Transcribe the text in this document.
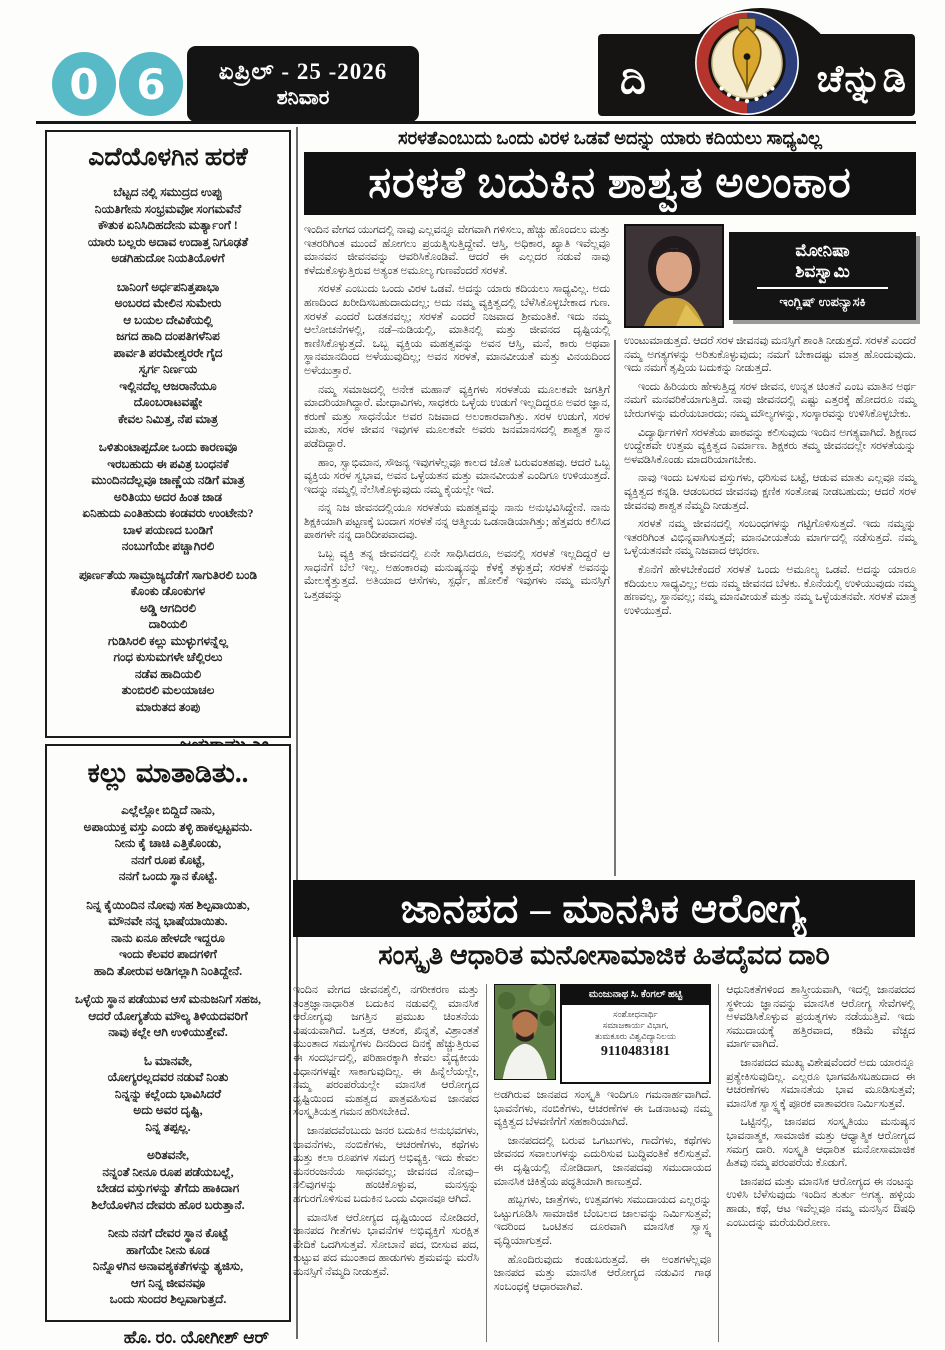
0 6	ಏಪ್ರಿಲ್ - 25 -2026
ಶನಿವಾರ	ದಿ	ಚೆನ್ನುಡಿ
ಎದೆಯೊಳಗಿನ ಹರಕೆ
ಬೆಟ್ಟದ ನಲ್ಲಿ ಸಮುದ್ರದ ಉಪ್ಪು
ನಿಯತಿಗೇನು ಸಂಭ್ರಮವೋ ಸಂಗಮವೆನೆ
ಕೌತುಕ ಏನಿಸಿದಿಹದೇನು ಮರ್ತ್ಯಾಂಗೆ !
ಯಾರು ಬಲ್ಲರು ಅದಾವ ಉದಾತ್ತ ನಿಗೂಢತೆ
ಅಡಗಿಹುದೋ ನಿಯತಿಯೊಳಗೆ
ಬಾನಿಂಗೆ ಅರ್ಧಪನಿತ್ತಪಾಭಾ
ಅಂಬರದ ಮೇಲಿನ ಸುಮೇರು
ಆ ಬಯಲ ದೇವಿಕೆಯಲ್ಲಿ
ಜಗದ ಹಾದಿ ದಂಪತಿಗಳೆನಿಪ
ಪಾರ್ವತಿ ಪರಮೇಶ್ವರರೇ ಗೈದ
ಸ್ವರ್ಗ ನಿರ್ಣಯ
ಇಲ್ಲಿನದೆಲ್ಲ ಆಜರಾನೆಯೂ
ದೊಂಬರಾಟವಷ್ಟೇ
ಕೇವಲ ನಿಮಿತ್ತ, ನೆಪ ಮಾತ್ರ
ಒಳಿತುಂಟಾಪ್ಪದೋ ಒಂದು ಕಾರಣವೂ
ಇರಬಹುದು ಈ ಪವಿತ್ರ ಬಂಧನಕೆ
ಮುಂದಿನದೆಲ್ಲವೂ ಜಾಣ್ಣೆಯ ನಡಿಗೆ ಮಾತ್ರ
ಅರಿತಿಯು ಅದರ ಹಿಂತ ಜಾಡ
ಏನಿಹುದು ಎಂತಿಹುದು ಕಂಡವರು ಉಂಟೇನು?
ಬಾಳ ಪಯಣದ ಬಂಡಿಗೆ
ನಂಬುಗೆಯೇ ಪಚ್ಚಾಗಿರಲಿ
ಪೂರ್ಣತೆಯ ಸಾಮ್ರಾಜ್ಯದೆಡೆಗೆ ಸಾಗುತಿರಲಿ ಬಂಡಿ
ಕೊಂಕು ಡೊಂಕುಗಳ
ಅಡ್ಡಿ ಆಗದಿರಲಿ
ದಾರಿಯಲಿ
ಗುಡಿಸಿರಲಿ ಕಲ್ಲು ಮುಳ್ಳುಗಳನ್ನೆಲ್ಲ
ಗಂಧ ಕುಸುಮಗಳೇ ಚೆಲ್ಲಿರಲು
ನಡೆವ ಹಾದಿಯಲಿ
ತುಂಬಿರಲಿ ಮಲಯಾಚಲ
ಮಾರುತದ ತಂಪು
ಕಲ್ಲು ಮಾತಾಡಿತು..
ಎಲ್ಲೆಲ್ಲೋ ಬಿದ್ದಿದೆ ನಾನು,
ಅಪಾಯುಕ್ತ ವಸ್ತು ಎಂದು ತಳ್ಳಿ ಹಾಕಲ್ಪಟ್ಟವನು.
ನೀನು ಕೈ ಚಾಚಿ ಎತ್ತಿಕೊಂಡು,
ನನಗೆ ರೂಪ ಕೊಟ್ಟೆ,
ನನಗೆ ಒಂದು ಸ್ಥಾನ ಕೊಟ್ಟೆ.
ನಿನ್ನ ಕೈಯಿಂದಿನ ನೋವು ಸಹ ಶಿಲ್ಪವಾಯಿತು,
ಮೌನವೇ ನನ್ನ ಭಾಷೆಯಾಯಿತು.
ನಾನು ಏನೂ ಹೇಳದೇ ಇದ್ದರೂ
ಇಂದು ಕೆಲವರ ಪಾದಗಳಿಗೆ
ಹಾದಿ ತೋರುವ ಅಡಿಗಲ್ಲಾಗಿ ನಿಂತಿದ್ದೇನೆ.
ಒಳ್ಳೆಯ ಸ್ಥಾನ ಪಡೆಯುವ ಆಸೆ ಮನುಜನಿಗೆ ಸಹಜ,
ಆದರೆ ಯೋಗ್ಯತೆಯ ಮೌಲ್ಯ ತಿಳಿಯದವರಿಗೆ
ನಾವು ಕಲ್ಲೇ ಆಗಿ ಉಳಿಯುತ್ತೇವೆ.
ಓ ಮಾನವೇ,
ಯೋಗ್ಯರಲ್ಲದವರ ನಡುವೆ ನಿಂತು
ನಿನ್ನನ್ನು ಕಲ್ಲೆಂದು ಭಾವಿಸಿದರೆ
ಅದು ಅವರ ದೃಷ್ಟಿ,
ನಿನ್ನ ತಪ್ಪಲ್ಲ.
ಅರಿತವನೇ,
ನನ್ನಂತೆ ನೀನೂ ರೂಪ ಪಡೆಯಬಲ್ಲೆ,
ಬೇಡದ ವಸ್ತುಗಳನ್ನು ತೆಗೆದು ಹಾಕಿದಾಗ
ಶಿಲೆಯೊಳಗಿನ ದೇವರು ಹೊರ ಬರುತ್ತಾನೆ.
ನೀನು ನನಗೆ ದೇವರ ಸ್ಥಾನ ಕೊಟ್ಟೆ
ಹಾಗೆಯೇ ನೀನು ಕೂಡ
ನಿನ್ನೊಳಗಿನ ಅನಾವಶ್ಯಕತೆಗಳನ್ನು ತ್ಯಜಿಸು,
ಆಗ ನಿನ್ನ ಜೀವನವೂ
ಒಂದು ಸುಂದರ ಶಿಲ್ಪವಾಗುತ್ತದೆ.
ಹೊ. ರಂ. ಯೋಗೀಶ್ ಆರ್
ಸರಳತೆಎಂಬುದು ಒಂದು ವಿರಳ ಒಡವೆ ಅದನ್ನು ಯಾರು ಕದಿಯಲು ಸಾಧ್ಯವಿಲ್ಲ
ಸರಳತೆ ಬದುಕಿನ ಶಾಶ್ವತ ಅಲಂಕಾರ

ಇಂದಿನ ವೇಗದ ಯುಗದಲ್ಲಿ ನಾವು ಎಲ್ಲವನ್ನೂ ವೇಗವಾಗಿ ಗಳಿಸಲು, ಹೆಚ್ಚು ಹೊಂದಲು ಮತ್ತು ಇತರರಿಗಿಂತ ಮುಂದೆ ಹೋಗಲು ಪ್ರಯತ್ನಿಸುತ್ತಿದ್ದೇವೆ. ಆಸ್ತಿ, ಅಧಿಕಾರ, ಖ್ಯಾತಿ ಇವೆಲ್ಲವೂ ಮಾನವನ ಜೀವನವನ್ನು ಆವರಿಸಿಕೊಂಡಿವೆ. ಆದರೆ ಈ ಎಲ್ಲದರ ನಡುವೆ ನಾವು ಕಳೆದುಕೊಳ್ಳುತ್ತಿರುವ ಅತ್ಯಂತ ಅಮೂಲ್ಯ ಗುಣವೆಂದರೆ ಸರಳತೆ.

ಸರಳತೆ ಎಂಬುದು ಒಂದು ವಿರಳ ಒಡವೆ. ಅದನ್ನು ಯಾರು ಕದಿಯಲು ಸಾಧ್ಯವಿಲ್ಲ. ಅದು ಹಣದಿಂದ ಖರೀದಿಸಬಹುದಾದುದಲ್ಲ; ಅದು ನಮ್ಮ ವ್ಯಕ್ತಿತ್ವದಲ್ಲಿ ಬೆಳೆಸಿಕೊಳ್ಳಬೇಕಾದ ಗುಣ. ಸರಳತೆ ಎಂದರೆ ಬಡತನವಲ್ಲ; ಸರಳತೆ ಎಂದರೆ ನಿಜವಾದ ಶ್ರೀಮಂತಿಕೆ. ಇದು ನಮ್ಮ ಆಲೋಚನೆಗಳಲ್ಲಿ, ನಡೆ–ನುಡಿಯಲ್ಲಿ, ಮಾತಿನಲ್ಲಿ ಮತ್ತು ಜೀವನದ ದೃಷ್ಟಿಯಲ್ಲಿ ಕಾಣಿಸಿಕೊಳ್ಳುತ್ತದೆ. ಒಬ್ಬ ವ್ಯಕ್ತಿಯ ಮಹತ್ವವನ್ನು ಅವನ ಆಸ್ತಿ, ಮನೆ, ಕಾರು ಅಥವಾ ಸ್ಥಾನಮಾನದಿಂದ ಅಳೆಯುವುದಿಲ್ಲ; ಅವನ ಸರಳತೆ, ಮಾನವೀಯತೆ ಮತ್ತು ವಿನಯದಿಂದ ಅಳೆಯುತ್ತಾರೆ.

ನಮ್ಮ ಸಮಾಜದಲ್ಲಿ ಅನೇಕ ಮಹಾನ್ ವ್ಯಕ್ತಿಗಳು ಸರಳತೆಯ ಮೂಲಕವೇ ಜಗತ್ತಿಗೆ ಮಾದರಿಯಾಗಿದ್ದಾರೆ. ಮೇಧಾವಿಗಳು, ಸಾಧಕರು ಒಳ್ಳೆಯ ಉಡುಗೆ ಇಲ್ಲದಿದ್ದರೂ ಅವರ ಜ್ಞಾನ, ಕರುಣೆ ಮತ್ತು ಸಾಧನೆಯೇ ಅವರ ನಿಜವಾದ ಅಲಂಕಾರವಾಗಿತ್ತು. ಸರಳ ಉಡುಗೆ, ಸರಳ ಮಾತು, ಸರಳ ಜೀವನ ಇವುಗಳ ಮೂಲಕವೇ ಅವರು ಜನಮಾನಸದಲ್ಲಿ ಶಾಶ್ವತ ಸ್ಥಾನ ಪಡೆದಿದ್ದಾರೆ.

ಹಾಂ, ಸ್ವಾಭಿಮಾನ, ಸೌಜನ್ಯ ಇವುಗಳೆಲ್ಲವೂ ಕಾಲದ ಜೊತೆ ಬರುವಂತಹವು. ಆದರೆ ಒಬ್ಬ ವ್ಯಕ್ತಿಯ ಸರಳ ಸ್ವಭಾವ, ಅವನ ಒಳ್ಳೆಯತನ ಮತ್ತು ಮಾನವೀಯತೆ ಎಂದಿಗೂ ಉಳಿಯುತ್ತದೆ. ಇದನ್ನು ನಮ್ಮಲ್ಲಿ ನೆಲೆಸಿಕೊಳ್ಳುವುದು ನಮ್ಮ ಕೈಯಲ್ಲೇ ಇದೆ.

ನನ್ನ ನಿಜ ಜೀವನದಲ್ಲಿಯೂ ಸರಳತೆಯ ಮಹತ್ವವನ್ನು ನಾನು ಅನುಭವಿಸಿದ್ದೇನೆ. ನಾನು ಶಿಕ್ಷಕಿಯಾಗಿ ಪಟ್ಟಣಕ್ಕೆ ಬಂದಾಗ ಸರಳತೆ ನನ್ನ ಆತ್ಮೀಯ ಒಡನಾಡಿಯಾಗಿತ್ತು; ಹೆತ್ತವರು ಕಲಿಸಿದ ಪಾಠಗಳೇ ನನ್ನ ದಾರಿದೀಪವಾದವು.

ಒಬ್ಬ ವ್ಯಕ್ತಿ ತನ್ನ ಜೀವನದಲ್ಲಿ ಏನೇ ಸಾಧಿಸಿದರೂ, ಅವನಲ್ಲಿ ಸರಳತೆ ಇಲ್ಲದಿದ್ದರೆ ಆ ಸಾಧನೆಗೆ ಬೆಲೆ ಇಲ್ಲ. ಅಹಂಕಾರವು ಮನುಷ್ಯನನ್ನು ಕೆಳಕ್ಕೆ ತಳ್ಳುತ್ತದೆ; ಸರಳತೆ ಅವನನ್ನು ಮೇಲಕ್ಕೆತ್ತುತ್ತದೆ. ಅತಿಯಾದ ಆಸೆಗಳು, ಸ್ಪರ್ಧೆ, ಹೋಲಿಕೆ ಇವುಗಳು ನಮ್ಮ ಮನಸ್ಸಿಗೆ ಒತ್ತಡವನ್ನು

ಮೋನಿಷಾ
ಶಿವಸ್ವಾಮಿ
ಇಂಗ್ಲಿಷ್ ಉಪನ್ಯಾಸಕಿ

ಉಂಟುಮಾಡುತ್ತದೆ. ಆದರೆ ಸರಳ ಜೀವನವು ಮನಸ್ಸಿಗೆ ಶಾಂತಿ ನೀಡುತ್ತದೆ. ಸರಳತೆ ಎಂದರೆ ನಮ್ಮ ಅಗತ್ಯಗಳನ್ನು ಅರಿತುಕೊಳ್ಳುವುದು; ನಮಗೆ ಬೇಕಾದಷ್ಟು ಮಾತ್ರ ಹೊಂದುವುದು. ಇದು ನಮಗೆ ತೃಪ್ತಿಯ ಬದುಕನ್ನು ನೀಡುತ್ತದೆ.

ಇಂದು ಹಿರಿಯರು ಹೇಳುತ್ತಿದ್ದ ಸರಳ ಜೀವನ, ಉನ್ನತ ಚಿಂತನೆ ಎಂಬ ಮಾತಿನ ಅರ್ಥ ನಮಗೆ ಮನವರಿಕೆಯಾಗುತ್ತಿದೆ. ನಾವು ಜೀವನದಲ್ಲಿ ಎಷ್ಟು ಎತ್ತರಕ್ಕೆ ಹೋದರೂ ನಮ್ಮ ಬೇರುಗಳನ್ನು ಮರೆಯಬಾರದು; ನಮ್ಮ ಮೌಲ್ಯಗಳನ್ನು, ಸಂಸ್ಕಾರವನ್ನು ಉಳಿಸಿಕೊಳ್ಳಬೇಕು.

ವಿದ್ಯಾರ್ಥಿಗಳಿಗೆ ಸರಳತೆಯ ಪಾಠವನ್ನು ಕಲಿಸುವುದು ಇಂದಿನ ಅಗತ್ಯವಾಗಿದೆ. ಶಿಕ್ಷಣದ ಉದ್ದೇಶವೇ ಉತ್ತಮ ವ್ಯಕ್ತಿತ್ವದ ನಿರ್ಮಾಣ. ಶಿಕ್ಷಕರು ತಮ್ಮ ಜೀವನದಲ್ಲೇ ಸರಳತೆಯನ್ನು ಅಳವಡಿಸಿಕೊಂಡು ಮಾದರಿಯಾಗಬೇಕು.

ನಾವು ಇಂದು ಬಳಸುವ ವಸ್ತುಗಳು, ಧರಿಸುವ ಬಟ್ಟೆ, ಆಡುವ ಮಾತು ಎಲ್ಲವೂ ನಮ್ಮ ವ್ಯಕ್ತಿತ್ವದ ಕನ್ನಡಿ. ಆಡಂಬರದ ಜೀವನವು ಕ್ಷಣಿಕ ಸಂತೋಷ ನೀಡಬಹುದು; ಆದರೆ ಸರಳ ಜೀವನವು ಶಾಶ್ವತ ನೆಮ್ಮದಿ ನೀಡುತ್ತದೆ.

ಸರಳತೆ ನಮ್ಮ ಜೀವನದಲ್ಲಿ ಸಂಬಂಧಗಳನ್ನು ಗಟ್ಟಿಗೊಳಿಸುತ್ತದೆ. ಇದು ನಮ್ಮನ್ನು ಇತರರಿಗಿಂತ ವಿಭಿನ್ನವಾಗಿಸುತ್ತದೆ; ಮಾನವೀಯತೆಯ ಮಾರ್ಗದಲ್ಲಿ ನಡೆಸುತ್ತದೆ. ನಮ್ಮ ಒಳ್ಳೆಯತನವೇ ನಮ್ಮ ನಿಜವಾದ ಆಭರಣ.

ಕೊನೆಗೆ ಹೇಳಬೇಕೆಂದರೆ ಸರಳತೆ ಒಂದು ಅಮೂಲ್ಯ ಒಡವೆ. ಅದನ್ನು ಯಾರೂ ಕದಿಯಲು ಸಾಧ್ಯವಿಲ್ಲ; ಅದು ನಮ್ಮ ಜೀವನದ ಬೆಳಕು. ಕೊನೆಯಲ್ಲಿ ಉಳಿಯುವುದು ನಮ್ಮ ಹಣವಲ್ಲ, ಸ್ಥಾನವಲ್ಲ; ನಮ್ಮ ಮಾನವೀಯತೆ ಮತ್ತು ನಮ್ಮ ಒಳ್ಳೆಯತನವೇ. ಸರಳತೆ ಮಾತ್ರ ಉಳಿಯುತ್ತದೆ.

ಜಾನಪದ – ಮಾನಸಿಕ ಆರೋಗ್ಯ
ಸಂಸ್ಕೃತಿ ಆಧಾರಿತ ಮನೋಸಾಮಾಜಿಕ ಹಿತದೈವದ ದಾರಿ

ಇಂದಿನ ವೇಗದ ಜೀವನಶೈಲಿ, ನಗರೀಕರಣ ಮತ್ತು ತಂತ್ರಜ್ಞಾನಾಧಾರಿತ ಬದುಕಿನ ನಡುವಲ್ಲಿ ಮಾನಸಿಕ ಆರೋಗ್ಯವು ಜಗತ್ತಿನ ಪ್ರಮುಖ ಚಿಂತನೆಯ ವಿಷಯವಾಗಿದೆ. ಒತ್ತಡ, ಆತಂಕ, ಖಿನ್ನತೆ, ವಿಶ್ರಾಂತತೆ ಮುಂತಾದ ಸಮಸ್ಯೆಗಳು ದಿನದಿಂದ ದಿನಕ್ಕೆ ಹೆಚ್ಚುತ್ತಿರುವ ಈ ಸಂದರ್ಭದಲ್ಲಿ, ಪರಿಹಾರಕ್ಕಾಗಿ ಕೇವಲ ವೈದ್ಯಕೀಯ ವಿಧಾನಗಳಷ್ಟೇ ಸಾಕಾಗುವುದಿಲ್ಲ. ಈ ಹಿನ್ನೆಲೆಯಲ್ಲೇ, ನಮ್ಮ ಪರಂಪರೆಯಲ್ಲೇ ಮಾನಸಿಕ ಆರೋಗ್ಯದ ದೃಷ್ಟಿಯಿಂದ ಮಹತ್ವದ ಪಾತ್ರವಹಿಸುವ ಜಾನಪದ ಸಂಸ್ಕೃತಿಯತ್ತ ಗಮನ ಹರಿಸಬೇಕಿದೆ.

ಜಾನಪದವೆಂಬುದು ಜನರ ಬದುಕಿನ ಅನುಭವಗಳು, ಭಾವನೆಗಳು, ನಂಬಿಕೆಗಳು, ಆಚರಣೆಗಳು, ಕಥೆಗಳು ಮತ್ತು ಕಲಾ ರೂಪಗಳ ಸಮಗ್ರ ಅಭಿವ್ಯಕ್ತಿ. ಇದು ಕೇವಲ ಮನರಂಜನೆಯ ಸಾಧನವಲ್ಲ; ಜೀವನದ ನೋವು–ನಲಿವುಗಳನ್ನು ಹಂಚಿಕೊಳ್ಳುವ, ಮನಸ್ಸನ್ನು ಹಗುರಗೊಳಿಸುವ ಬದುಕಿನ ಒಂದು ವಿಧಾನವೂ ಆಗಿದೆ.

ಮಾನಸಿಕ ಆರೋಗ್ಯದ ದೃಷ್ಟಿಯಿಂದ ನೋಡಿದರೆ, ಜಾನಪದ ಗೀತೆಗಳು ಭಾವನೆಗಳ ಅಭಿವ್ಯಕ್ತಿಗೆ ಸುರಕ್ಷಿತ ವೇದಿಕೆ ಒದಗಿಸುತ್ತವೆ. ಸೋಬಾನೆ ಪದ, ಬೀಸುವ ಪದ, ಕುಟ್ಟುವ ಪದ ಮುಂತಾದ ಹಾಡುಗಳು ಶ್ರಮವನ್ನು ಮರೆಸಿ ಮನಸ್ಸಿಗೆ ನೆಮ್ಮದಿ ನೀಡುತ್ತವೆ.

ಮಂಜುನಾಥ ಸಿ. ಕೆಂಗಲ್ ಹಟ್ಟಿ
ಸಂಶೋಧನಾರ್ಥಿ
ಸಮಾಜಕಾರ್ಯ ವಿಭಾಗ,
ತುಮಕೂರು ವಿಶ್ವವಿದ್ಯಾನಿಲಯ
9110483181

ಅಡಗಿರುವ ಜಾನಪದ ಸಂಸ್ಕೃತಿ ಇಂದಿಗೂ ಗಮನಾರ್ಹವಾಗಿದೆ. ಭಾವನೆಗಳು, ನಂಬಿಕೆಗಳು, ಆಚರಣೆಗಳ ಈ ಒಡನಾಟವು ನಮ್ಮ ವ್ಯಕ್ತಿತ್ವದ ಬೆಳವಣಿಗೆಗೆ ಸಹಕಾರಿಯಾಗಿದೆ.

ಜಾನಪದದಲ್ಲಿ ಬರುವ ಒಗಟುಗಳು, ಗಾದೆಗಳು, ಕಥೆಗಳು ಜೀವನದ ಸವಾಲುಗಳನ್ನು ಎದುರಿಸುವ ಬುದ್ಧಿವಂತಿಕೆ ಕಲಿಸುತ್ತವೆ. ಈ ದೃಷ್ಟಿಯಲ್ಲಿ ನೋಡಿದಾಗ, ಜಾನಪದವು ಸಮುದಾಯದ ಮಾನಸಿಕ ಚಿಕಿತ್ಸೆಯ ಪದ್ಧತಿಯಾಗಿ ಕಾಣುತ್ತದೆ.

ಹಬ್ಬಗಳು, ಜಾತ್ರೆಗಳು, ಉತ್ಸವಗಳು ಸಮುದಾಯದ ಎಲ್ಲರನ್ನು ಒಟ್ಟುಗೂಡಿಸಿ ಸಾಮಾಜಿಕ ಬೆಂಬಲದ ಜಾಲವನ್ನು ನಿರ್ಮಿಸುತ್ತವೆ; ಇದರಿಂದ ಒಂಟಿತನ ದೂರವಾಗಿ ಮಾನಸಿಕ ಸ್ವಾಸ್ಥ್ಯ ವೃದ್ಧಿಯಾಗುತ್ತದೆ.

ಹೊಂದಿರುವುದು ಕಂಡುಬರುತ್ತದೆ. ಈ ಅಂಶಗಳೆಲ್ಲವೂ ಜಾನಪದ ಮತ್ತು ಮಾನಸಿಕ ಆರೋಗ್ಯದ ನಡುವಿನ ಗಾಢ ಸಂಬಂಧಕ್ಕೆ ಆಧಾರವಾಗಿವೆ.

ಆಧುನಿಕತೆಗಳಿಂದ ಶಾಸ್ತ್ರೀಯವಾಗಿ, ಇದಲ್ಲಿ ಜಾನಪದದ ಸ್ಥಳೀಯ ಜ್ಞಾನವನ್ನು ಮಾನಸಿಕ ಆರೋಗ್ಯ ಸೇವೆಗಳಲ್ಲಿ ಅಳವಡಿಸಿಕೊಳ್ಳುವ ಪ್ರಯತ್ನಗಳು ನಡೆಯುತ್ತಿವೆ. ಇದು ಸಮುದಾಯಕ್ಕೆ ಹತ್ತಿರವಾದ, ಕಡಿಮೆ ವೆಚ್ಚದ ಮಾರ್ಗವಾಗಿದೆ.

ಜಾನಪದದ ಮುಖ್ಯ ವಿಶೇಷವೆಂದರೆ ಅದು ಯಾರನ್ನೂ ಪ್ರತ್ಯೇಕಿಸುವುದಿಲ್ಲ. ಎಲ್ಲರೂ ಭಾಗವಹಿಸಬಹುದಾದ ಈ ಆಚರಣೆಗಳು ಸಮಾನತೆಯ ಭಾವ ಮೂಡಿಸುತ್ತವೆ; ಮಾನಸಿಕ ಸ್ವಾಸ್ಥ್ಯಕ್ಕೆ ಪೂರಕ ವಾತಾವರಣ ನಿರ್ಮಿಸುತ್ತವೆ.

ಒಟ್ಟಿನಲ್ಲಿ, ಜಾನಪದ ಸಂಸ್ಕೃತಿಯು ಮನುಷ್ಯನ ಭಾವನಾತ್ಮಕ, ಸಾಮಾಜಿಕ ಮತ್ತು ಆಧ್ಯಾತ್ಮಿಕ ಆರೋಗ್ಯದ ಸಮಗ್ರ ದಾರಿ. ಸಂಸ್ಕೃತಿ ಆಧಾರಿತ ಮನೋಸಾಮಾಜಿಕ ಹಿತವು ನಮ್ಮ ಪರಂಪರೆಯ ಕೊಡುಗೆ.

ಜಾನಪದ ಮತ್ತು ಮಾನಸಿಕ ಆರೋಗ್ಯದ ಈ ನಂಟನ್ನು ಉಳಿಸಿ ಬೆಳೆಸುವುದು ಇಂದಿನ ತುರ್ತು ಅಗತ್ಯ. ಹಳ್ಳಿಯ ಹಾಡು, ಕಥೆ, ಆಟ ಇವೆಲ್ಲವೂ ನಮ್ಮ ಮನಸ್ಸಿನ ಔಷಧಿ ಎಂಬುದನ್ನು ಮರೆಯದಿರೋಣ.
